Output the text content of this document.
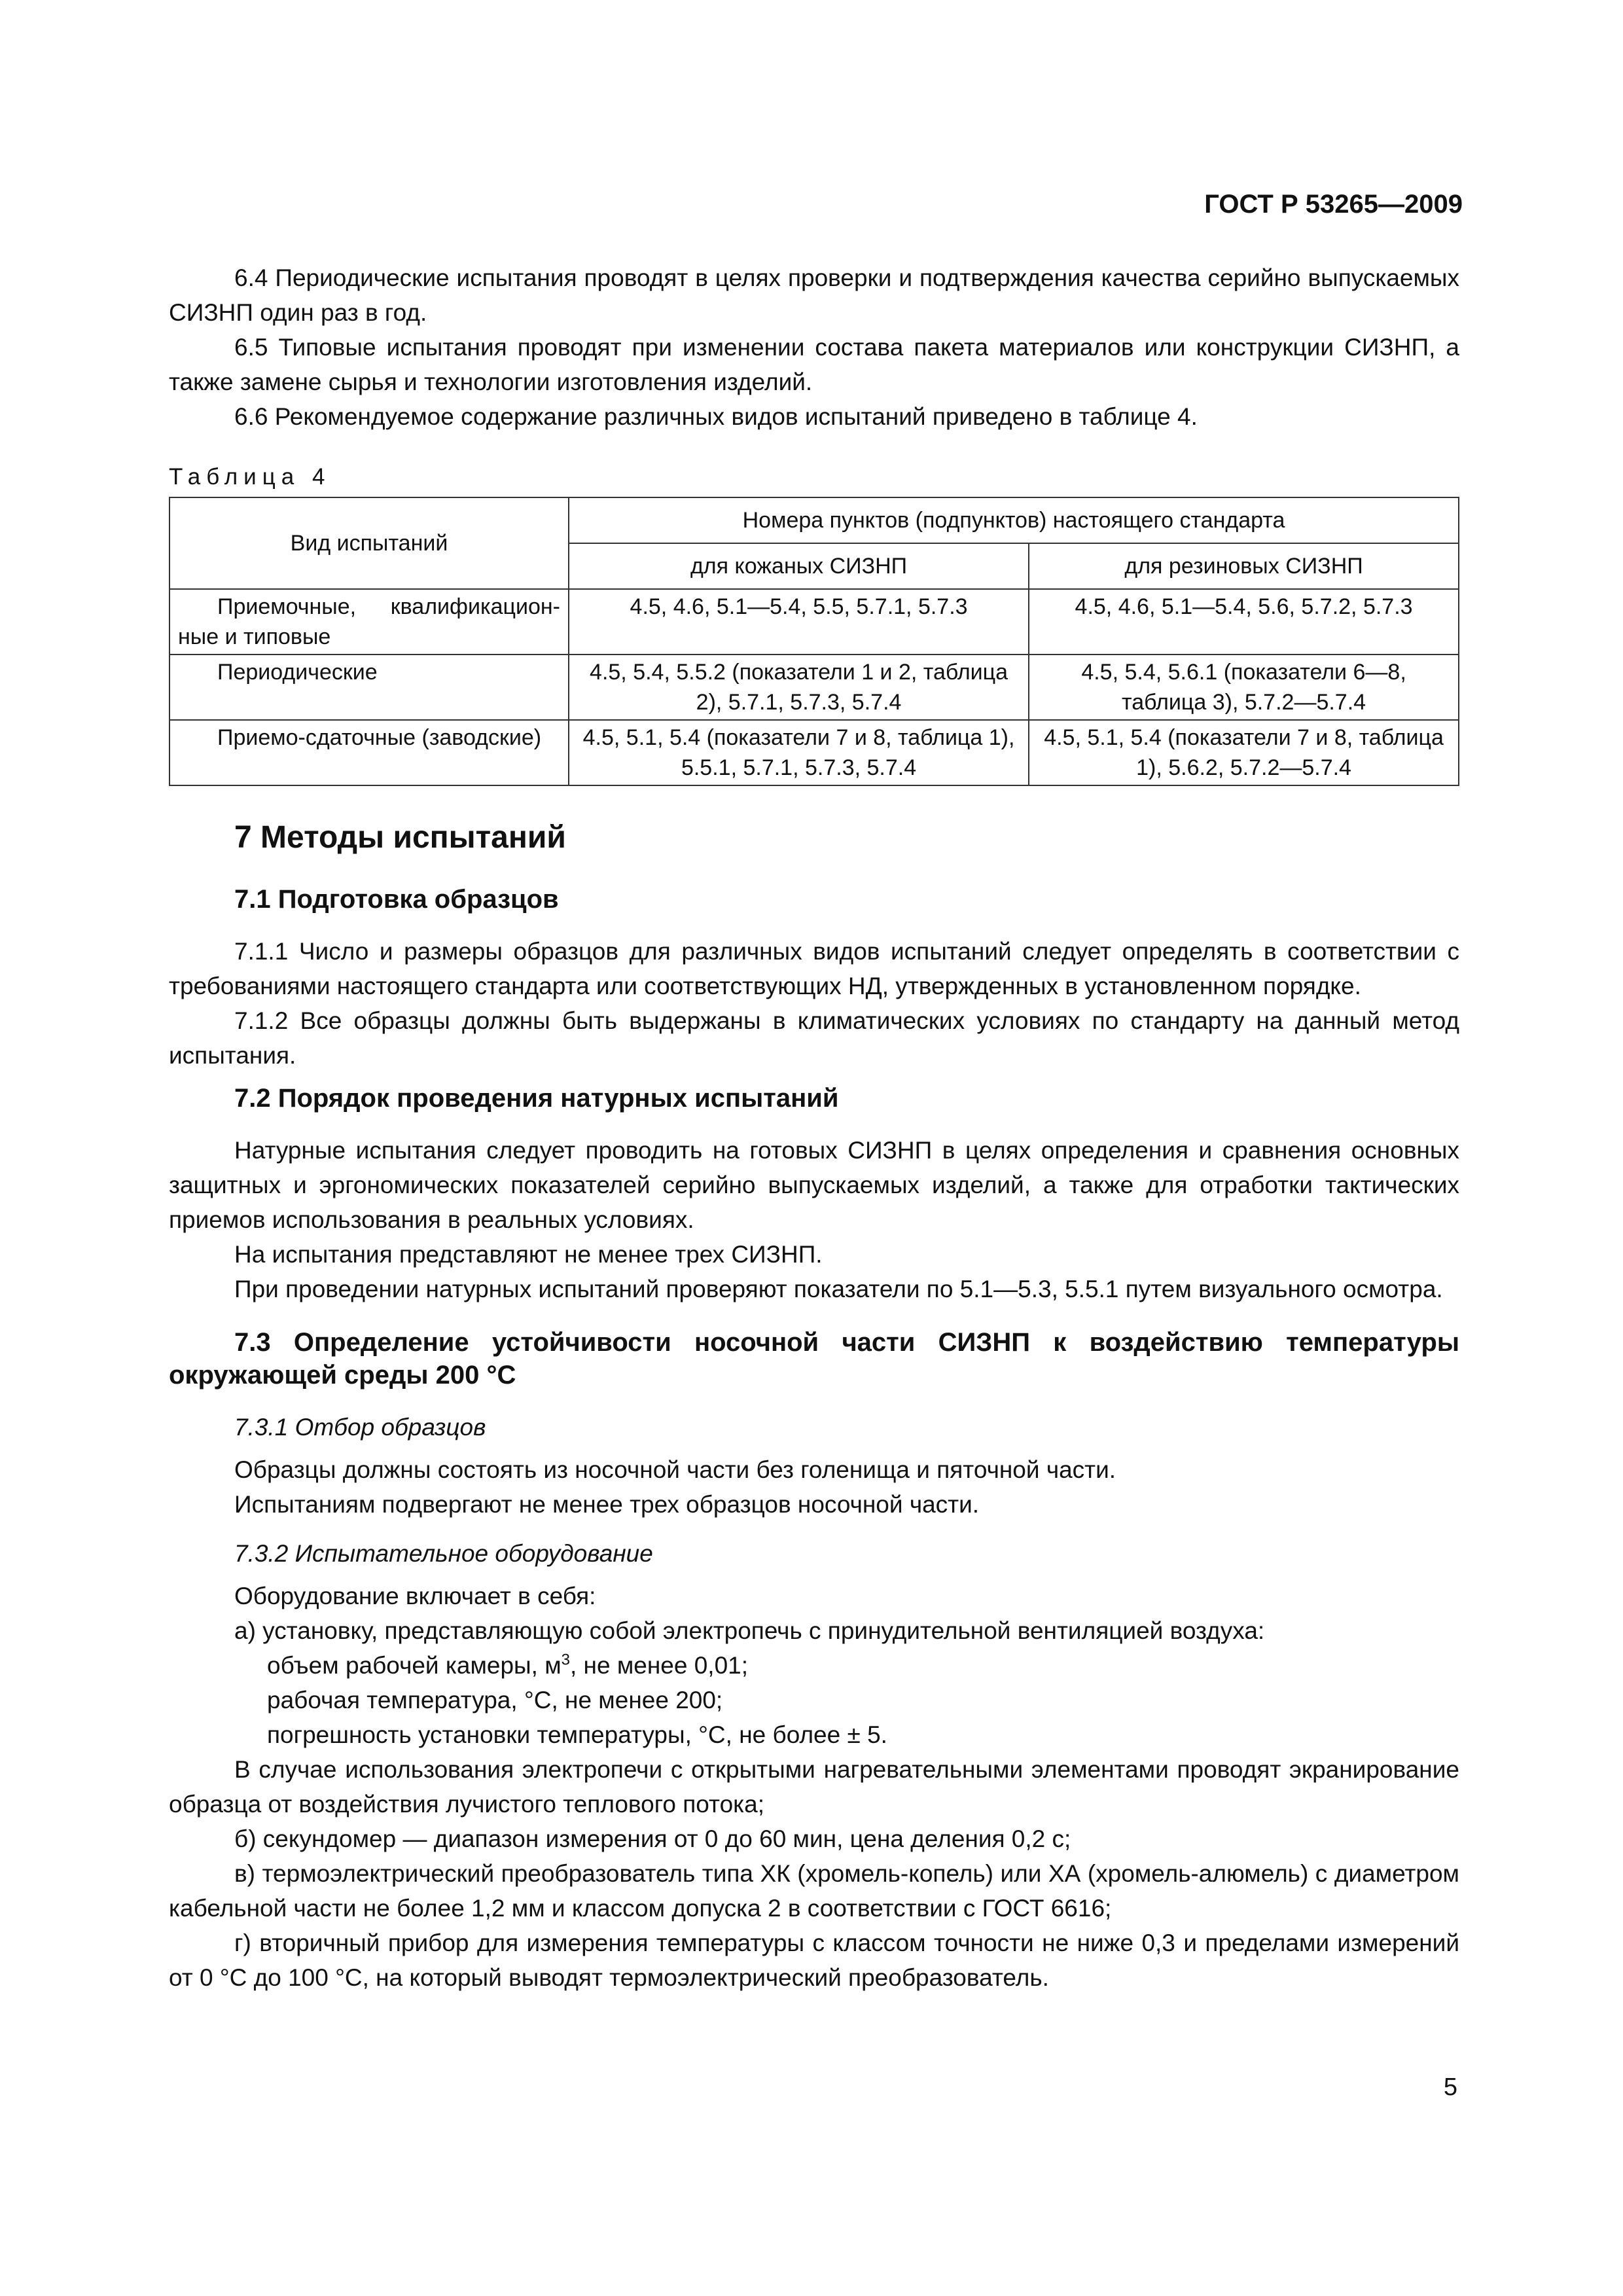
ГОСТ Р 53265—2009

6.4 Периодические испытания проводят в целях проверки и подтверждения качества серийно выпускаемых СИЗНП один раз в год.

6.5 Типовые испытания проводят при изменении состава пакета материалов или конструкции СИЗНП, а также замене сырья и технологии изготовления изделий.

6.6 Рекомендуемое содержание различных видов испытаний приведено в таблице 4.

Таблица 4
Вид испытаний	Номера пунктов (подпунктов) настоящего стандарта	
	для кожаных СИЗНП	для резиновых СИЗНП
Приемочные, квалификацион-ные и типовые	4.5, 4.6, 5.1—5.4, 5.5, 5.7.1, 5.7.3	4.5, 4.6, 5.1—5.4, 5.6, 5.7.2, 5.7.3
Периодические	4.5, 5.4, 5.5.2 (показатели 1 и 2, таблица 2), 5.7.1, 5.7.3, 5.7.4	4.5, 5.4, 5.6.1 (показатели 6—8, таблица 3), 5.7.2—5.7.4
Приемо-сдаточные (заводские)	4.5, 5.1, 5.4 (показатели 7 и 8, таблица 1), 5.5.1, 5.7.1, 5.7.3, 5.7.4	4.5, 5.1, 5.4 (показатели 7 и 8, таблица 1), 5.6.2, 5.7.2—5.7.4
7 Методы испытаний
7.1 Подготовка образцов

7.1.1 Число и размеры образцов для различных видов испытаний следует определять в соответствии с требованиями настоящего стандарта или соответствующих НД, утвержденных в установленном порядке.

7.1.2 Все образцы должны быть выдержаны в климатических условиях по стандарту на данный метод испытания.

7.2 Порядок проведения натурных испытаний

Натурные испытания следует проводить на готовых СИЗНП в целях определения и сравнения основных защитных и эргономических показателей серийно выпускаемых изделий, а также для отработки тактических приемов использования в реальных условиях.

На испытания представляют не менее трех СИЗНП.

При проведении натурных испытаний проверяют показатели по 5.1—5.3, 5.5.1 путем визуального осмотра.

7.3 Определение устойчивости носочной части СИЗНП к воздействию температуры окружающей среды 200 °С

7.3.1 Отбор образцов

Образцы должны состоять из носочной части без голенища и пяточной части.

Испытаниям подвергают не менее трех образцов носочной части.

7.3.2 Испытательное оборудование

Оборудование включает в себя:

а) установку, представляющую собой электропечь с принудительной вентиляцией воздуха:

объем рабочей камеры, $м^3$, не менее 0,01;

рабочая температура, °С, не менее 200;

погрешность установки температуры, °С, не более ± 5.

В случае использования электропечи с открытыми нагревательными элементами проводят экранирование образца от воздействия лучистого теплового потока;

б) секундомер — диапазон измерения от 0 до 60 мин, цена деления 0,2 с;

в) термоэлектрический преобразователь типа ХК (хромель-копель) или ХА (хромель-алюмель) с диаметром кабельной части не более 1,2 мм и классом допуска 2 в соответствии с ГОСТ 6616;

г) вторичный прибор для измерения температуры с классом точности не ниже 0,3 и пределами измерений от 0 °С до 100 °С, на который выводят термоэлектрический преобразователь.

5
